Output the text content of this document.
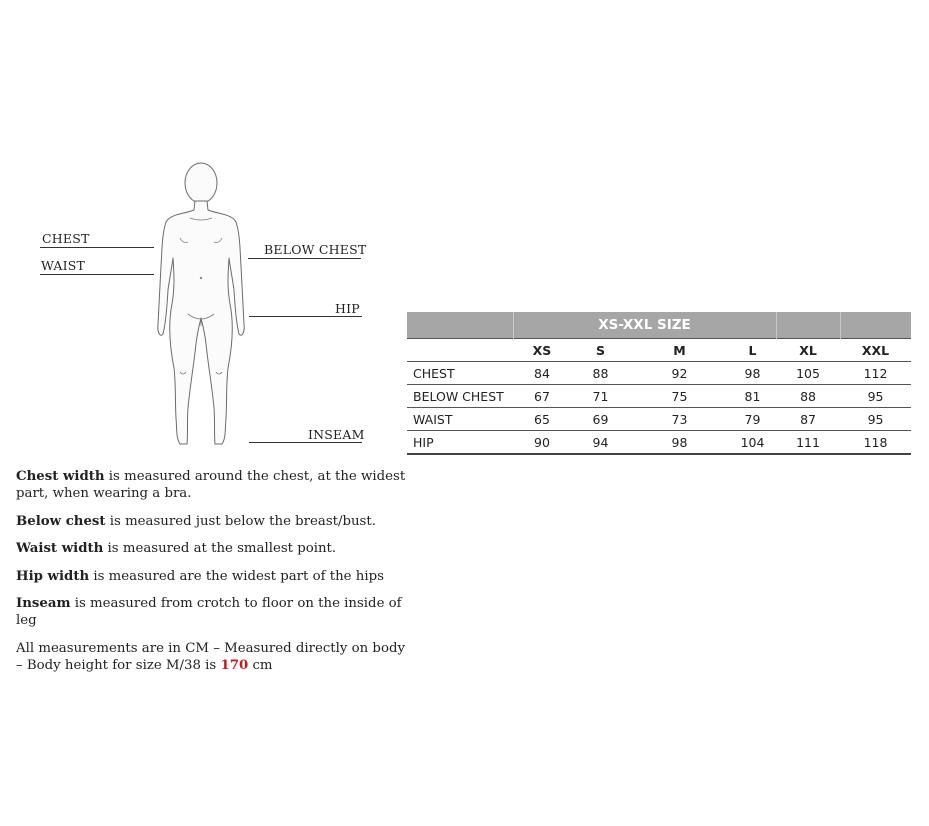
CHEST
WAIST
BELOW CHEST
HIP
INSEAM
	XS-XXL SIZE					
	XS	S	M	L	XL	XXL
CHEST	84	88	92	98	105	112
BELOW CHEST	67	71	75	81	88	95
WAIST	65	69	73	79	87	95
HIP	90	94	98	104	111	118

Chest width is measured around the chest, at the widest part, when wearing a bra.

Below chest is measured just below the breast/bust.

Waist width is measured at the smallest point.

Hip width is measured are the widest part of the hips

Inseam is measured from crotch to floor on the inside of leg

All measurements are in CM – Measured directly on body – Body height for size M/38 is 170 cm
